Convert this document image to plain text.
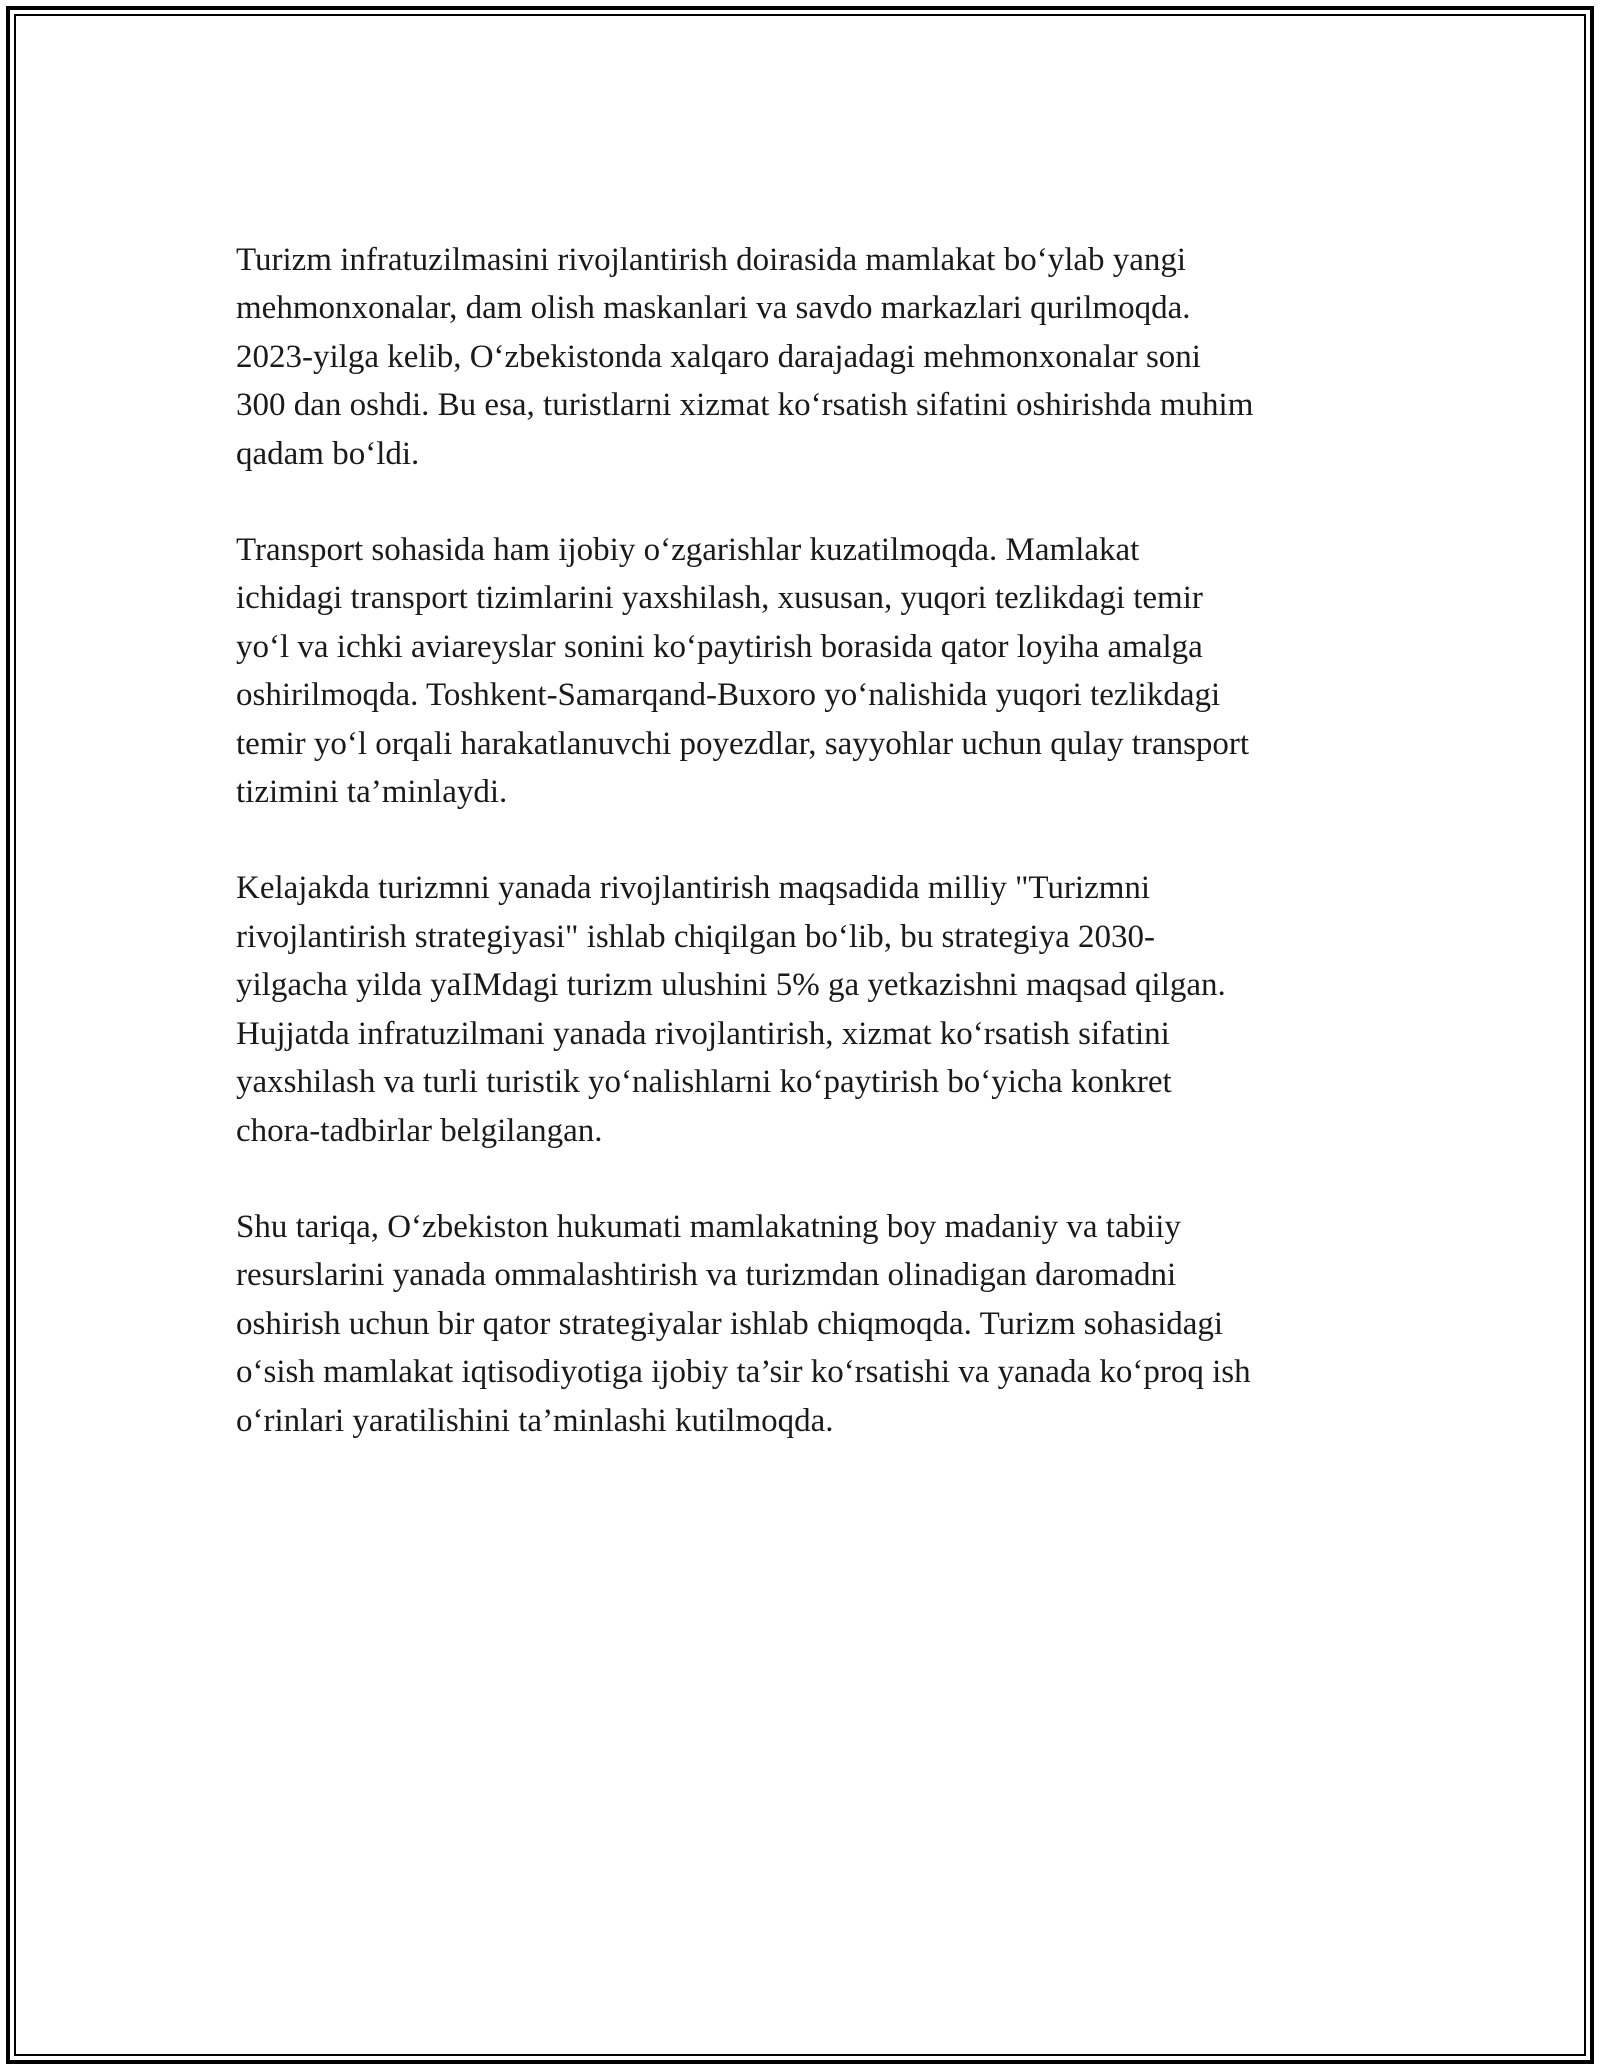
Turizm infratuzilmasini rivojlantirish doirasida mamlakat bo‘ylab yangi
mehmonxonalar, dam olish maskanlari va savdo markazlari qurilmoqda.
2023-yilga kelib, O‘zbekistonda xalqaro darajadagi mehmonxonalar soni
300 dan oshdi. Bu esa, turistlarni xizmat ko‘rsatish sifatini oshirishda muhim
qadam bo‘ldi.

Transport sohasida ham ijobiy o‘zgarishlar kuzatilmoqda. Mamlakat
ichidagi transport tizimlarini yaxshilash, xususan, yuqori tezlikdagi temir
yo‘l va ichki aviareyslar sonini ko‘paytirish borasida qator loyiha amalga
oshirilmoqda. Toshkent-Samarqand-Buxoro yo‘nalishida yuqori tezlikdagi
temir yo‘l orqali harakatlanuvchi poyezdlar, sayyohlar uchun qulay transport
tizimini ta’minlaydi.

Kelajakda turizmni yanada rivojlantirish maqsadida milliy "Turizmni
rivojlantirish strategiyasi" ishlab chiqilgan bo‘lib, bu strategiya 2030-
yilgacha yilda yaIMdagi turizm ulushini 5% ga yetkazishni maqsad qilgan.
Hujjatda infratuzilmani yanada rivojlantirish, xizmat ko‘rsatish sifatini
yaxshilash va turli turistik yo‘nalishlarni ko‘paytirish bo‘yicha konkret
chora-tadbirlar belgilangan.

Shu tariqa, O‘zbekiston hukumati mamlakatning boy madaniy va tabiiy
resurslarini yanada ommalashtirish va turizmdan olinadigan daromadni
oshirish uchun bir qator strategiyalar ishlab chiqmoqda. Turizm sohasidagi
o‘sish mamlakat iqtisodiyotiga ijobiy ta’sir ko‘rsatishi va yanada ko‘proq ish
o‘rinlari yaratilishini ta’minlashi kutilmoqda.
